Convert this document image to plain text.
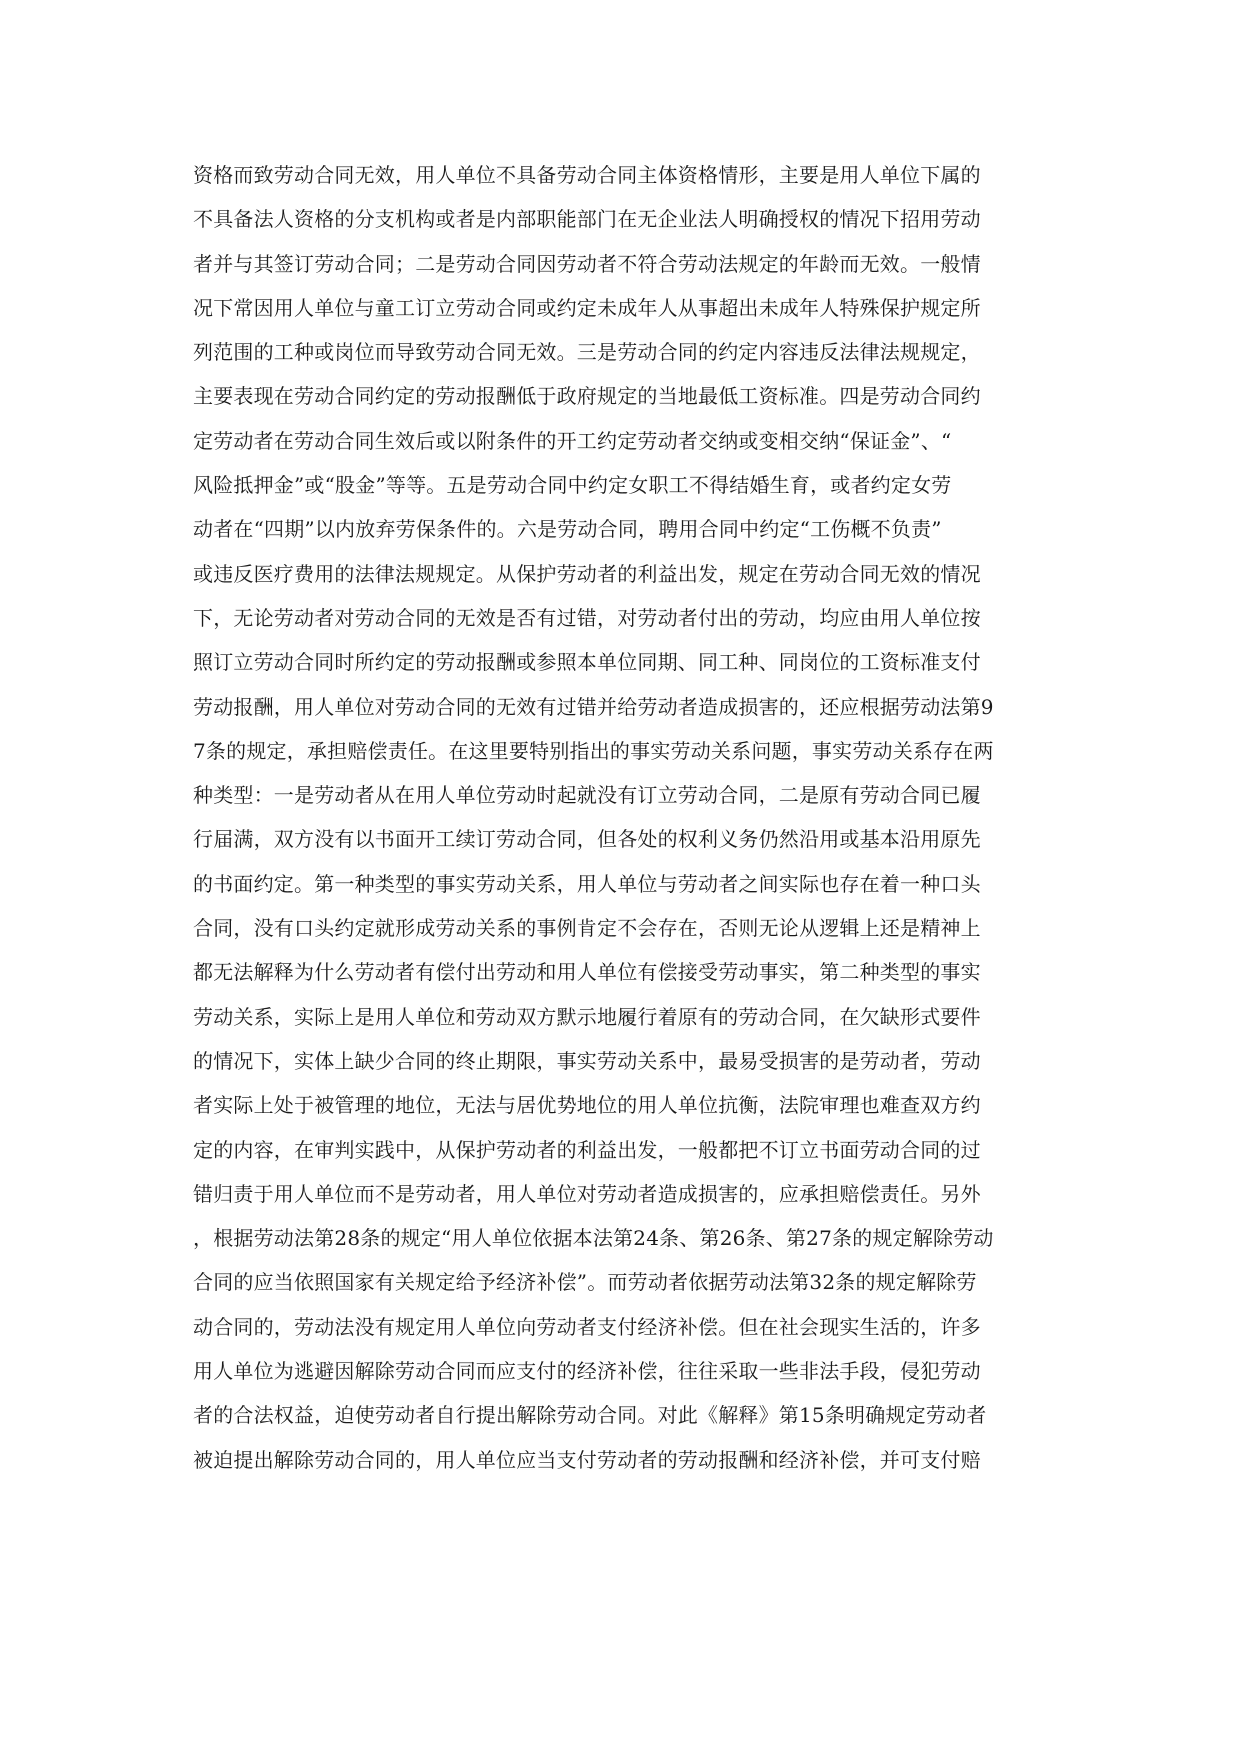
资格而致劳动合同无效，用人单位不具备劳动合同主体资格情形，主要是用人单位下属的
不具备法人资格的分支机构或者是内部职能部门在无企业法人明确授权的情况下招用劳动
者并与其签订劳动合同；二是劳动合同因劳动者不符合劳动法规定的年龄而无效。一般情
况下常因用人单位与童工订立劳动合同或约定未成年人从事超出未成年人特殊保护规定所
列范围的工种或岗位而导致劳动合同无效。三是劳动合同的约定内容违反法律法规规定，
主要表现在劳动合同约定的劳动报酬低于政府规定的当地最低工资标准。四是劳动合同约
定劳动者在劳动合同生效后或以附条件的开工约定劳动者交纳或变相交纳“保证金”、“
风险抵押金”或“股金”等等。五是劳动合同中约定女职工不得结婚生育，或者约定女劳
动者在“四期”以内放弃劳保条件的。六是劳动合同，聘用合同中约定“工伤概不负责”
或违反医疗费用的法律法规规定。从保护劳动者的利益出发，规定在劳动合同无效的情况
下，无论劳动者对劳动合同的无效是否有过错，对劳动者付出的劳动，均应由用人单位按
照订立劳动合同时所约定的劳动报酬或参照本单位同期、同工种、同岗位的工资标准支付
劳动报酬，用人单位对劳动合同的无效有过错并给劳动者造成损害的，还应根据劳动法第9
7条的规定，承担赔偿责任。在这里要特别指出的事实劳动关系问题，事实劳动关系存在两
种类型：一是劳动者从在用人单位劳动时起就没有订立劳动合同，二是原有劳动合同已履
行届满，双方没有以书面开工续订劳动合同，但各处的权利义务仍然沿用或基本沿用原先
的书面约定。第一种类型的事实劳动关系，用人单位与劳动者之间实际也存在着一种口头
合同，没有口头约定就形成劳动关系的事例肯定不会存在，否则无论从逻辑上还是精神上
都无法解释为什么劳动者有偿付出劳动和用人单位有偿接受劳动事实，第二种类型的事实
劳动关系，实际上是用人单位和劳动双方默示地履行着原有的劳动合同，在欠缺形式要件
的情况下，实体上缺少合同的终止期限，事实劳动关系中，最易受损害的是劳动者，劳动
者实际上处于被管理的地位，无法与居优势地位的用人单位抗衡，法院审理也难查双方约
定的内容，在审判实践中，从保护劳动者的利益出发，一般都把不订立书面劳动合同的过
错归责于用人单位而不是劳动者，用人单位对劳动者造成损害的，应承担赔偿责任。另外
，根据劳动法第28条的规定“用人单位依据本法第24条、第26条、第27条的规定解除劳动
合同的应当依照国家有关规定给予经济补偿”。而劳动者依据劳动法第32条的规定解除劳
动合同的，劳动法没有规定用人单位向劳动者支付经济补偿。但在社会现实生活的，许多
用人单位为逃避因解除劳动合同而应支付的经济补偿，往往采取一些非法手段，侵犯劳动
者的合法权益，迫使劳动者自行提出解除劳动合同。对此《解释》第15条明确规定劳动者
被迫提出解除劳动合同的，用人单位应当支付劳动者的劳动报酬和经济补偿，并可支付赔
